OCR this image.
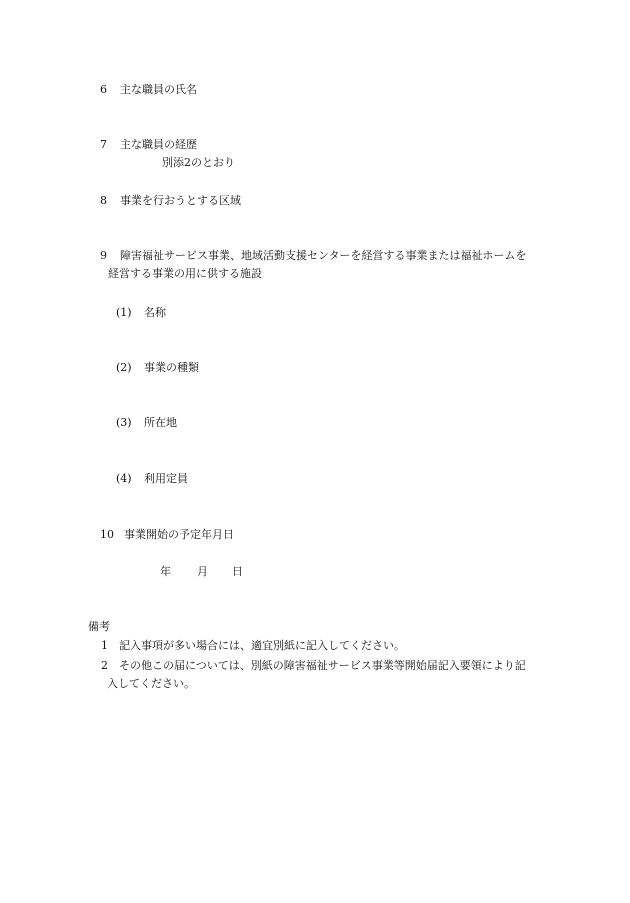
6 主な職員の氏名
7 主な職員の経歴
別添2のとおり
8 事業を行おうとする区域
9 障害福祉サービス事業、地域活動支援センターを経営する事業または福祉ホームを
経営する事業の用に供する施設
(1) 名称
(2) 事業の種類
(3) 所在地
(4) 利用定員
10 事業開始の予定年月日
年 月 日
備考
1 記入事項が多い場合には、適宜別紙に記入してください。
2 その他この届については、別紙の障害福祉サービス事業等開始届記入要領により記
入してください。
